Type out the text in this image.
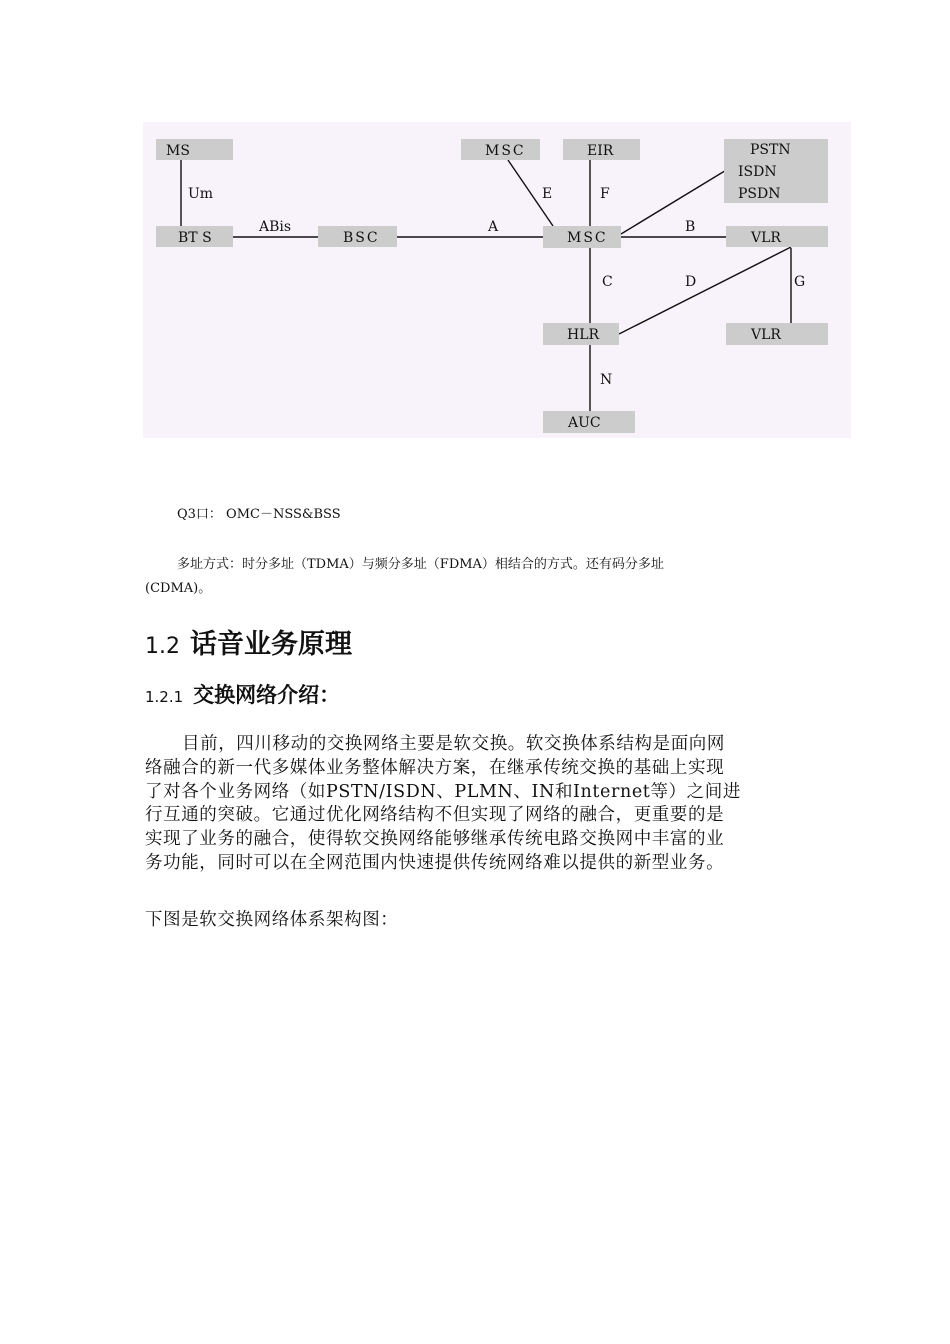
MS
BT S	BSC
MSC	EIR	PSTN
ISDN
PSDN
MSC	VLR
HLR	VLR
AUC
Um
ABis	A
E	F
B
C	D	G
N
Q3口： OMC－NSS&BSS
多址方式：时分多址（TDMA）与频分多址（FDMA）相结合的方式。还有码分多址
(CDMA)。
1.2 话音业务原理
1.2.1 交换网络介绍：
目前，四川移动的交换网络主要是软交换。软交换体系结构是面向网
络融合的新一代多媒体业务整体解决方案，在继承传统交换的基础上实现
了对各个业务网络（如PSTN/ISDN、PLMN、IN和Internet等）之间进
行互通的突破。它通过优化网络结构不但实现了网络的融合，更重要的是
实现了业务的融合，使得软交换网络能够继承传统电路交换网中丰富的业
务功能，同时可以在全网范围内快速提供传统网络难以提供的新型业务。
下图是软交换网络体系架构图：
